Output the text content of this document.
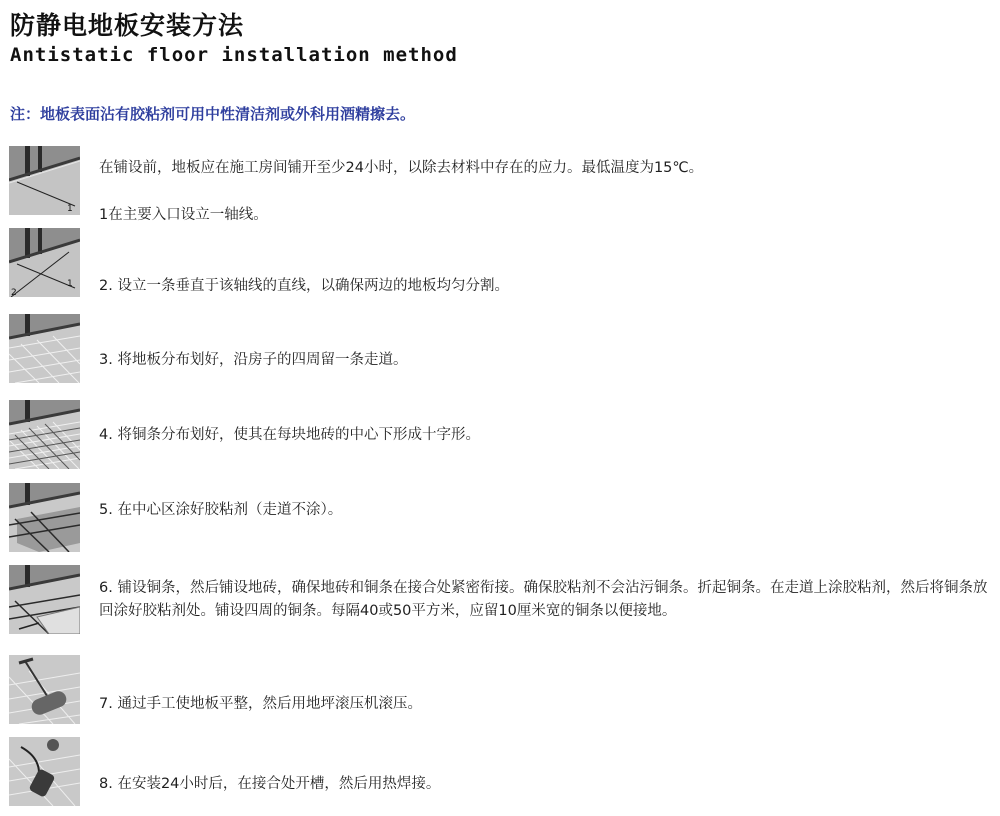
防静电地板安装方法
Antistatic floor installation method
注：地板表面沾有胶粘剂可用中性清洁剂或外科用酒精擦去。
1
在铺设前，地板应在施工房间铺开至少24小时，以除去材料中存在的应力。最低温度为15℃。
1在主要入口设立一轴线。
1
2	2. 设立一条垂直于该轴线的直线，以确保两边的地板均匀分割。
3. 将地板分布划好，沿房子的四周留一条走道。
4. 将铜条分布划好，使其在每块地砖的中心下形成十字形。
5. 在中心区涂好胶粘剂（走道不涂）。
6. 铺设铜条，然后铺设地砖，确保地砖和铜条在接合处紧密衔接。确保胶粘剂不会沾污铜条。折起铜条。在走道上涂胶粘剂，然后将铜条放回涂好胶粘剂处。铺设四周的铜条。每隔40或50平方米，应留10厘米宽的铜条以便接地。
7. 通过手工使地板平整，然后用地坪滚压机滚压。
8. 在安装24小时后，在接合处开槽，然后用热焊接。
